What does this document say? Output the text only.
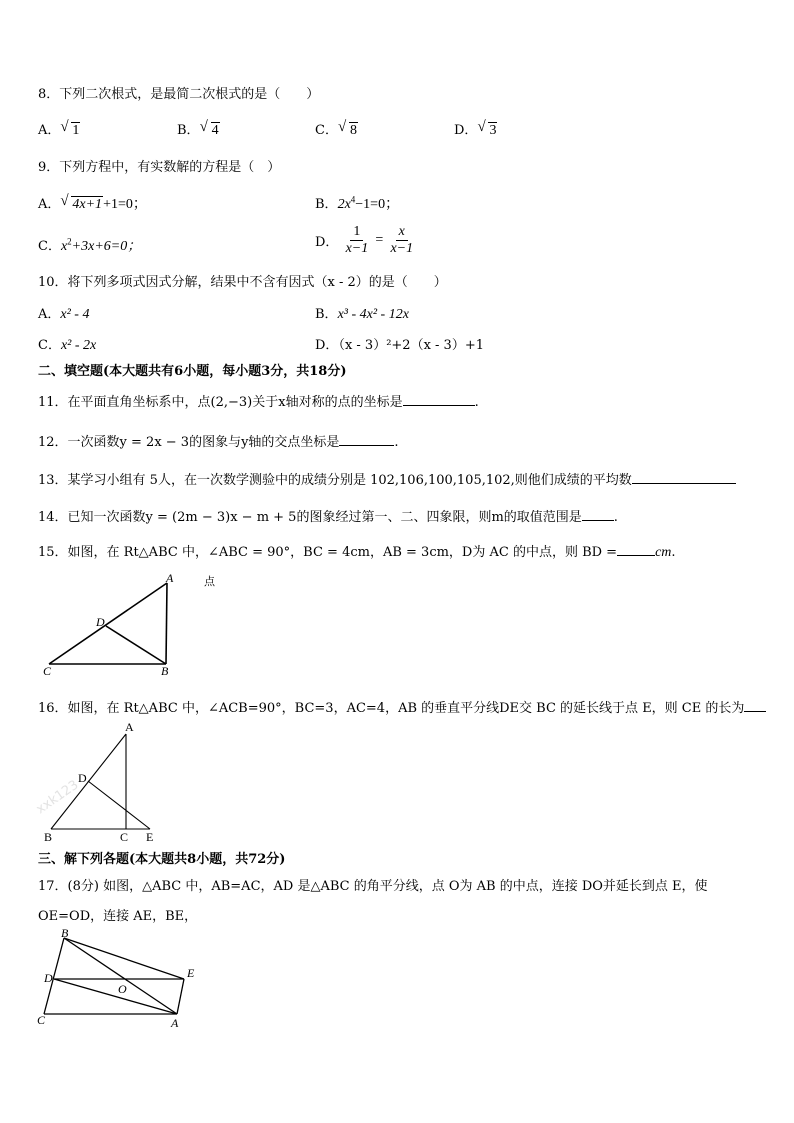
8．下列二次根式，是最简二次根式的是（　　）
A． √ 1	B． √ 4	C． √ 8	D． √ 3
9．下列方程中，有实数解的方程是（　）
A． √ 4x+1+1=0；	B．$2x^4-1=0$；
C．$x^2+3x+6=0$；	D． $\frac{1}{x-1} = \frac{x}{x-1}$
10．将下列多项式因式分解，结果中不含有因式（x - 2）的是（　　）
A．x² - 4	B．x³ - 4x² - 12x
C．x² - 2x	D．（x - 3）²+2（x - 3）+1
二、填空题(本大题共有6小题，每小题3分，共18分)
11．在平面直角坐标系中，点(2,−3)关于x轴对称的点的坐标是	.
12．一次函数y = 2x − 3的图象与y轴的交点坐标是	.
13．某学习小组有 5人，在一次数学测验中的成绩分别是 102,106,100,105,102,则他们成绩的平均数
14．已知一次函数y = (2m − 3)x − m + 5的图象经过第一、二、四象限，则m的取值范围是 .
15．如图，在 Rt△ABC 中，∠ABC = 90°，BC = 4cm，AB = 3cm，D为 AC 的中点，则 BD =	cm.
A
B
C
D
点
16．如图，在 Rt△ABC 中，∠ACB=90°，BC=3，AC=4，AB 的垂直平分线DE交 BC 的延长线于点 E，则 CE 的长为
xxk123
A
B	C
D
E
三、解下列各题(本大题共8小题，共72分)
17．(8分) 如图，△ABC 中，AB=AC，AD 是△ABC 的角平分线，点 O为 AB 的中点，连接 DO并延长到点 E，使
OE=OD，连接 AE，BE，
B
D
C
E
O
A
